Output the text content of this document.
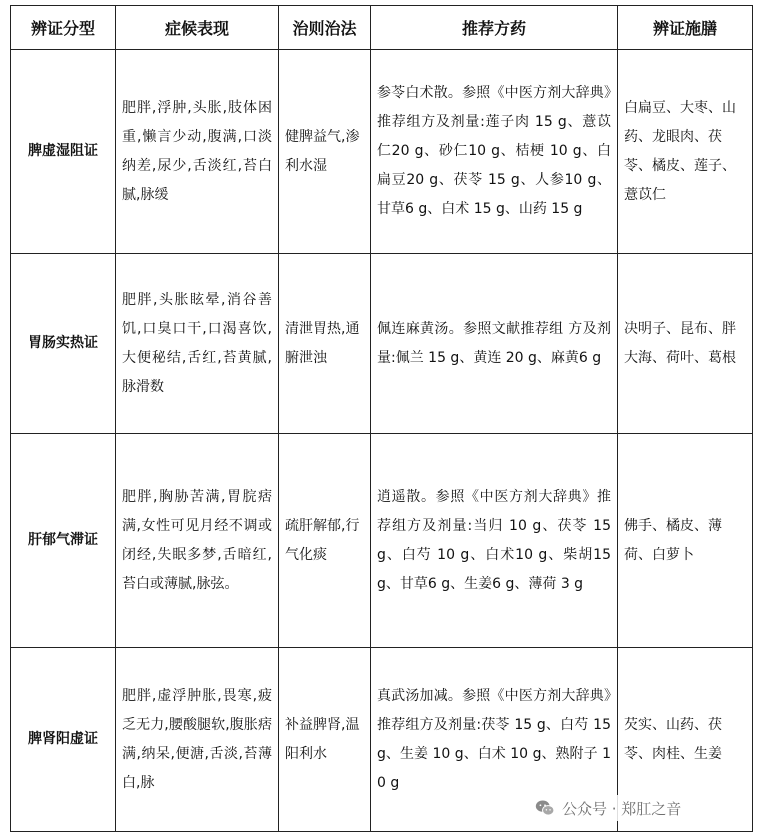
辨证分型	症候表现	治则治法	推荐方药	辨证施膳

脾虚湿阻证	肥胖,浮肿,头胀,肢体困重,懒言少动,腹满,口淡纳差,尿少,舌淡红,苔白腻,脉缓	健脾益气,渗利水湿	参苓白术散。参照《中医方剂大辞典》推荐组方及剂量:莲子肉 15 g、薏苡仁20 g、砂仁10 g、桔梗 10 g、白扁豆20 g、茯苓 15 g、人参10 g、甘草6 g、白术 15 g、山药 15 g	白扁豆、大枣、山药、龙眼肉、茯苓、橘皮、莲子、薏苡仁

胃肠实热证	肥胖,头胀眩晕,消谷善饥,口臭口干,口渴喜饮,大便秘结,舌红,苔黄腻,脉滑数	清泄胃热,通腑泄浊	佩连麻黄汤。参照文献推荐组 方及剂量:佩兰 15 g、黄连 20 g、麻黄6 g	决明子、昆布、胖大海、荷叶、葛根

肝郁气滞证	肥胖,胸胁苦满,胃脘痞满,女性可见月经不调或闭经,失眠多梦,舌暗红,苔白或薄腻,脉弦。	疏肝解郁,行气化痰	逍遥散。参照《中医方剂大辞典》推荐组方及剂量:当归 10 g、茯苓 15 g、白芍 10 g、白术10 g、柴胡15 g、甘草6 g、生姜6 g、薄荷 3 g	佛手、橘皮、薄荷、白萝卜

脾肾阳虚证	肥胖,虚浮肿胀,畏寒,疲乏无力,腰酸腿软,腹胀痞满,纳呆,便溏,舌淡,苔薄白,脉	补益脾肾,温阳利水	真武汤加减。参照《中医方剂大辞典》推荐组方及剂量:茯苓 15 g、白芍 15 g、生姜 10 g、白术 10 g、熟附子 10 g	芡实、山药、茯苓、肉桂、生姜
公众号 · 郑肛之音
